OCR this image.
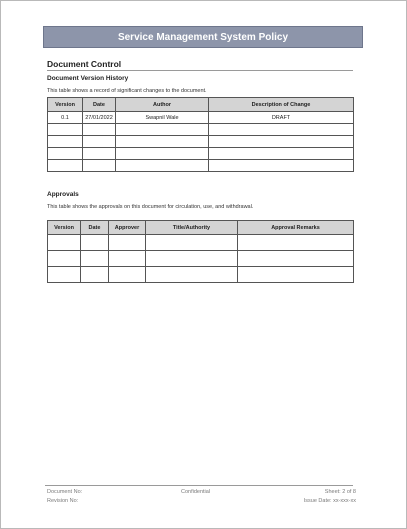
Service Management System Policy
Document Control
Document Version History
This table shows a record of significant changes to the document.
Version	Date	Author	Description of Change
0.1	27/01/2022	Swapnil Wale	DRAFT

Approvals
This table shows the approvals on this document for circulation, use, and withdrawal.
Version	Date	Approver	Title/Authority	Approval Remarks

Document No:
Revision No:
Confidential	Sheet: 2 of 8
Issue Date: xx-xxx-xx
